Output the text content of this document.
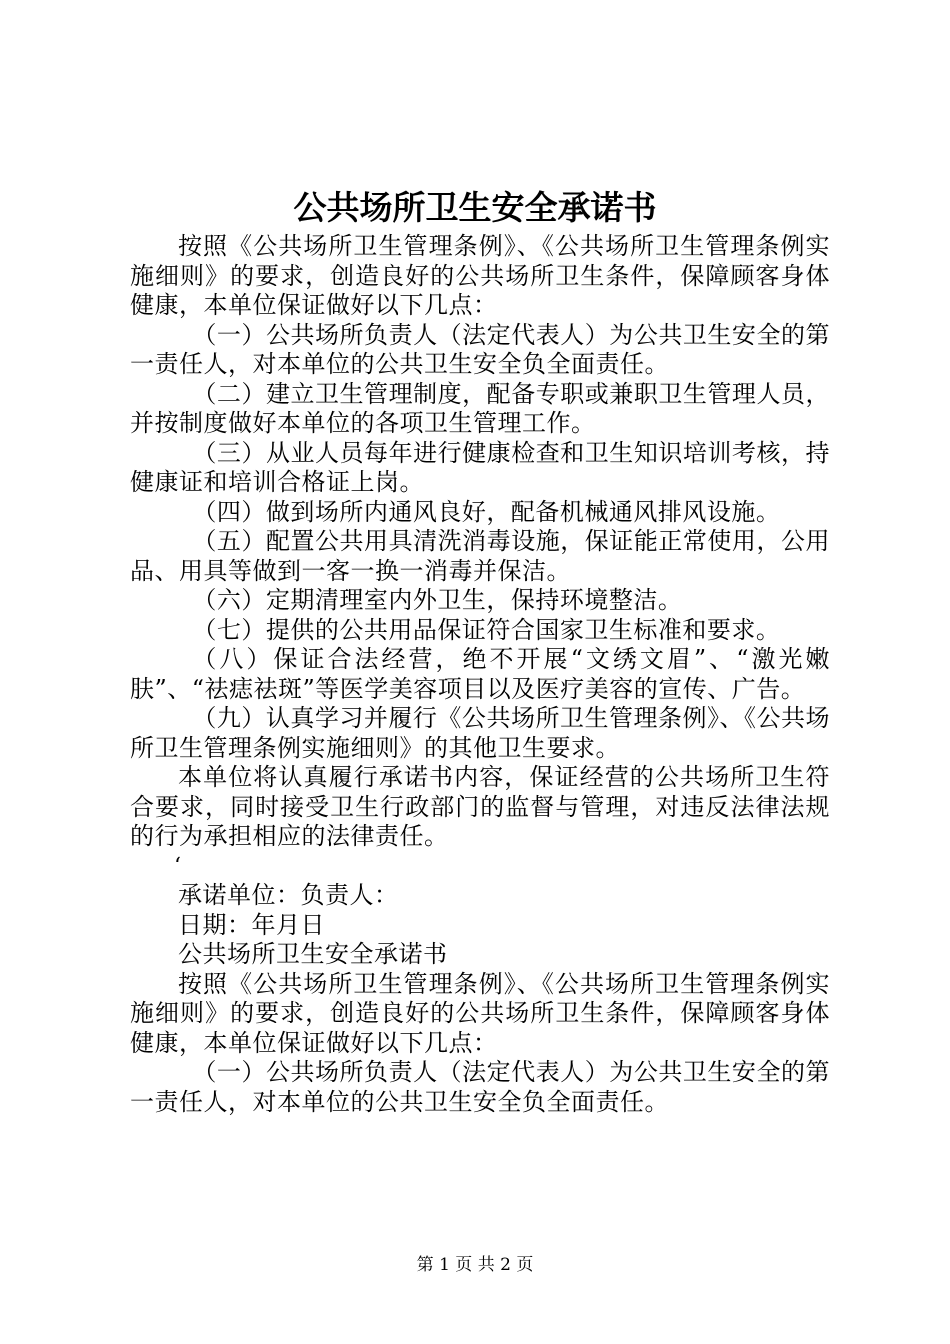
公共场所卫生安全承诺书

按照《公共场所卫生管理条例》、《公共场所卫生管理条例实施细则》的要求，创造良好的公共场所卫生条件，保障顾客身体健康，本单位保证做好以下几点：

（一）公共场所负责人（法定代表人）为公共卫生安全的第一责任人，对本单位的公共卫生安全负全面责任。

（二）建立卫生管理制度，配备专职或兼职卫生管理人员，并按制度做好本单位的各项卫生管理工作。

（三）从业人员每年进行健康检查和卫生知识培训考核，持健康证和培训合格证上岗。

（四）做到场所内通风良好，配备机械通风排风设施。

（五）配置公共用具清洗消毒设施，保证能正常使用，公用品、用具等做到一客一换一消毒并保洁。

（六）定期清理室内外卫生，保持环境整洁。

（七）提供的公共用品保证符合国家卫生标准和要求。

（八）保证合法经营，绝不开展“文绣文眉”、“激光嫩肤”、“祛痣祛斑”等医学美容项目以及医疗美容的宣传、广告。

（九）认真学习并履行《公共场所卫生管理条例》、《公共场所卫生管理条例实施细则》的其他卫生要求。

本单位将认真履行承诺书内容，保证经营的公共场所卫生符合要求，同时接受卫生行政部门的监督与管理，对违反法律法规的行为承担相应的法律责任。

‘

承诺单位：负责人：

日期：年月日

公共场所卫生安全承诺书

按照《公共场所卫生管理条例》、《公共场所卫生管理条例实施细则》的要求，创造良好的公共场所卫生条件，保障顾客身体健康，本单位保证做好以下几点：

（一）公共场所负责人（法定代表人）为公共卫生安全的第一责任人，对本单位的公共卫生安全负全面责任。

第 1 页 共 2 页
